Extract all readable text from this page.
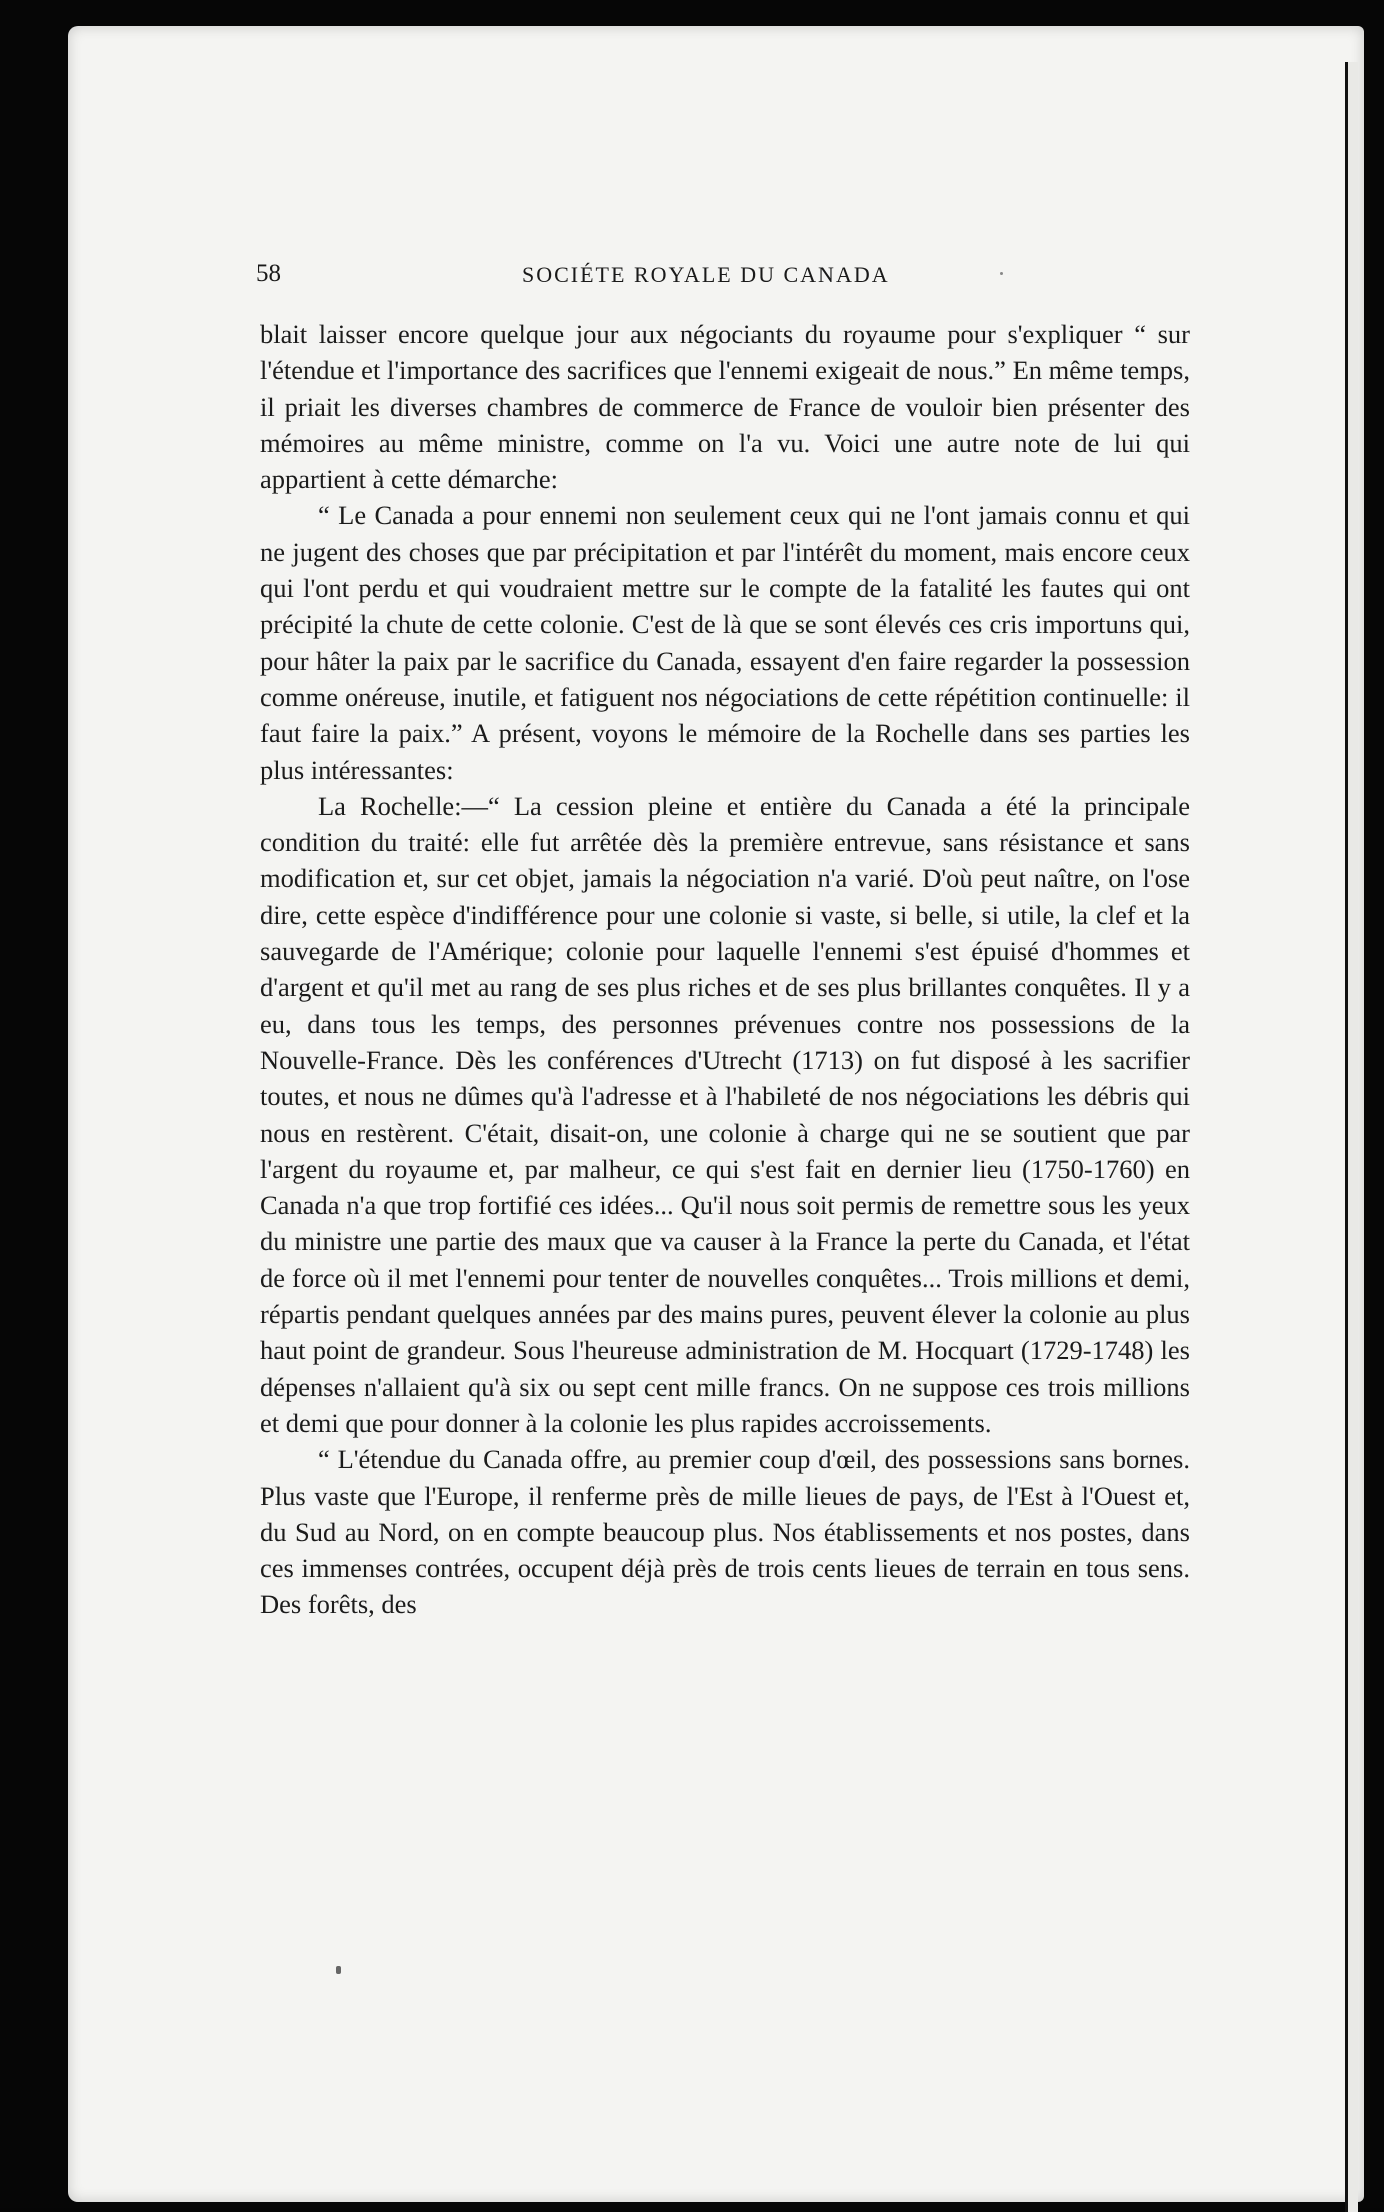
58	SOCIÉTE ROYALE DU CANADA

blait laisser encore quelque jour aux négociants du royaume pour s'expliquer “ sur l'étendue et l'importance des sacrifices que l'ennemi exigeait de nous.” En même temps, il priait les diverses chambres de commerce de France de vouloir bien présenter des mémoires au même ministre, comme on l'a vu. Voici une autre note de lui qui appartient à cette démarche:

“ Le Canada a pour ennemi non seulement ceux qui ne l'ont jamais connu et qui ne jugent des choses que par précipitation et par l'intérêt du moment, mais encore ceux qui l'ont perdu et qui voudraient mettre sur le compte de la fatalité les fautes qui ont précipité la chute de cette colonie. C'est de là que se sont élevés ces cris importuns qui, pour hâter la paix par le sacrifice du Canada, essayent d'en faire regarder la possession comme onéreuse, inutile, et fatiguent nos négociations de cette répétition continuelle: il faut faire la paix.” A présent, voyons le mémoire de la Rochelle dans ses parties les plus intéressantes:

La Rochelle:—“ La cession pleine et entière du Canada a été la principale condition du traité: elle fut arrêtée dès la première entrevue, sans résistance et sans modification et, sur cet objet, jamais la négociation n'a varié. D'où peut naître, on l'ose dire, cette espèce d'indifférence pour une colonie si vaste, si belle, si utile, la clef et la sauvegarde de l'Amérique; colonie pour laquelle l'ennemi s'est épuisé d'hommes et d'argent et qu'il met au rang de ses plus riches et de ses plus brillantes conquêtes. Il y a eu, dans tous les temps, des personnes prévenues contre nos possessions de la Nouvelle-France. Dès les conférences d'Utrecht (1713) on fut disposé à les sacrifier toutes, et nous ne dûmes qu'à l'adresse et à l'habileté de nos négociations les débris qui nous en restèrent. C'était, disait-on, une colonie à charge qui ne se soutient que par l'argent du royaume et, par malheur, ce qui s'est fait en dernier lieu (1750-1760) en Canada n'a que trop fortifié ces idées... Qu'il nous soit permis de remettre sous les yeux du ministre une partie des maux que va causer à la France la perte du Canada, et l'état de force où il met l'ennemi pour tenter de nouvelles conquêtes... Trois millions et demi, répartis pendant quelques années par des mains pures, peuvent élever la colonie au plus haut point de grandeur. Sous l'heureuse administration de M. Hocquart (1729-1748) les dépenses n'allaient qu'à six ou sept cent mille francs. On ne suppose ces trois millions et demi que pour donner à la colonie les plus rapides accroissements.

“ L'étendue du Canada offre, au premier coup d'œil, des possessions sans bornes. Plus vaste que l'Europe, il renferme près de mille lieues de pays, de l'Est à l'Ouest et, du Sud au Nord, on en compte beaucoup plus. Nos établissements et nos postes, dans ces immenses contrées, occupent déjà près de trois cents lieues de terrain en tous sens. Des forêts, des
